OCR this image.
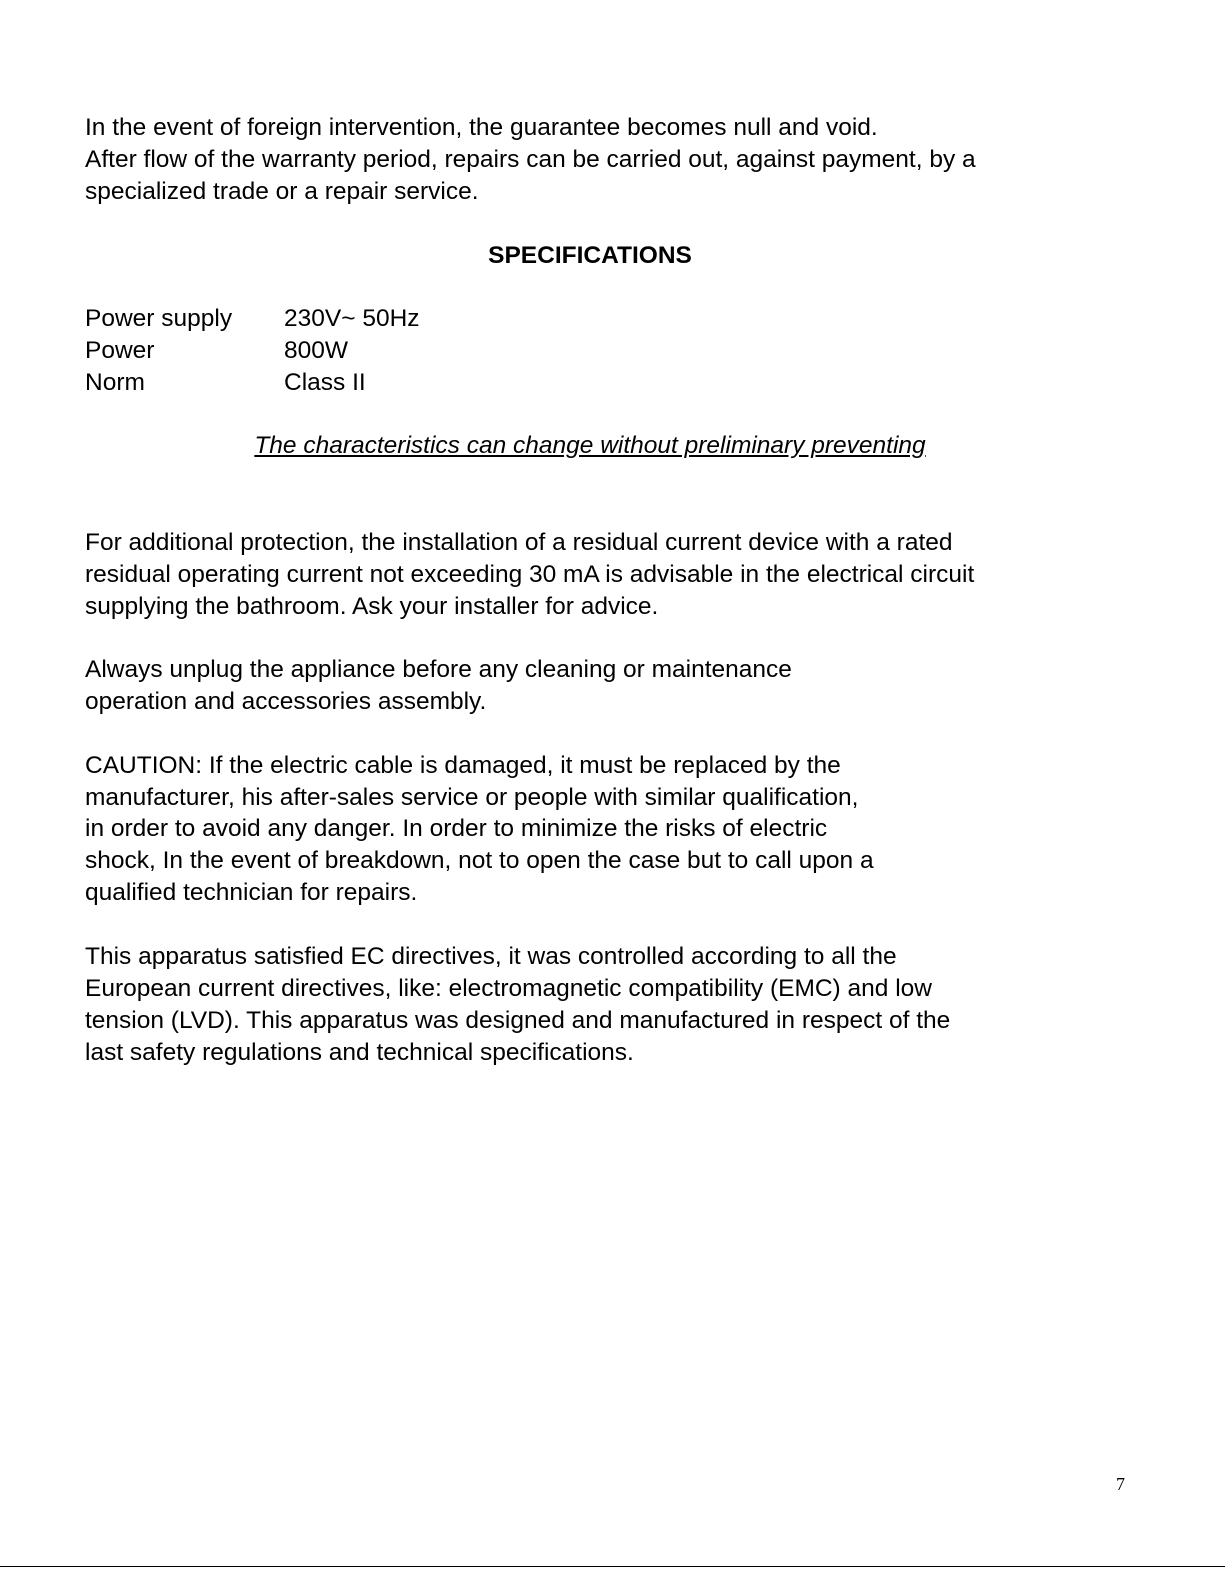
In the event of foreign intervention, the guarantee becomes null and void.
After flow of the warranty period, repairs can be carried out, against payment, by a
specialized trade or a repair service.
SPECIFICATIONS
Power supply 230V~ 50Hz
Power	800W
Norm	Class II
The characteristics can change without preliminary preventing
For additional protection, the installation of a residual current device with a rated
residual operating current not exceeding 30 mA is advisable in the electrical circuit
supplying the bathroom. Ask your installer for advice.
Always unplug the appliance before any cleaning or maintenance
operation and accessories assembly.
CAUTION: If the electric cable is damaged, it must be replaced by the
manufacturer, his after-sales service or people with similar qualification,
in order to avoid any danger. In order to minimize the risks of electric
shock, In the event of breakdown, not to open the case but to call upon a
qualified technician for repairs.
This apparatus satisfied EC directives, it was controlled according to all the
European current directives, like: electromagnetic compatibility (EMC) and low
tension (LVD). This apparatus was designed and manufactured in respect of the
last safety regulations and technical specifications.
7
